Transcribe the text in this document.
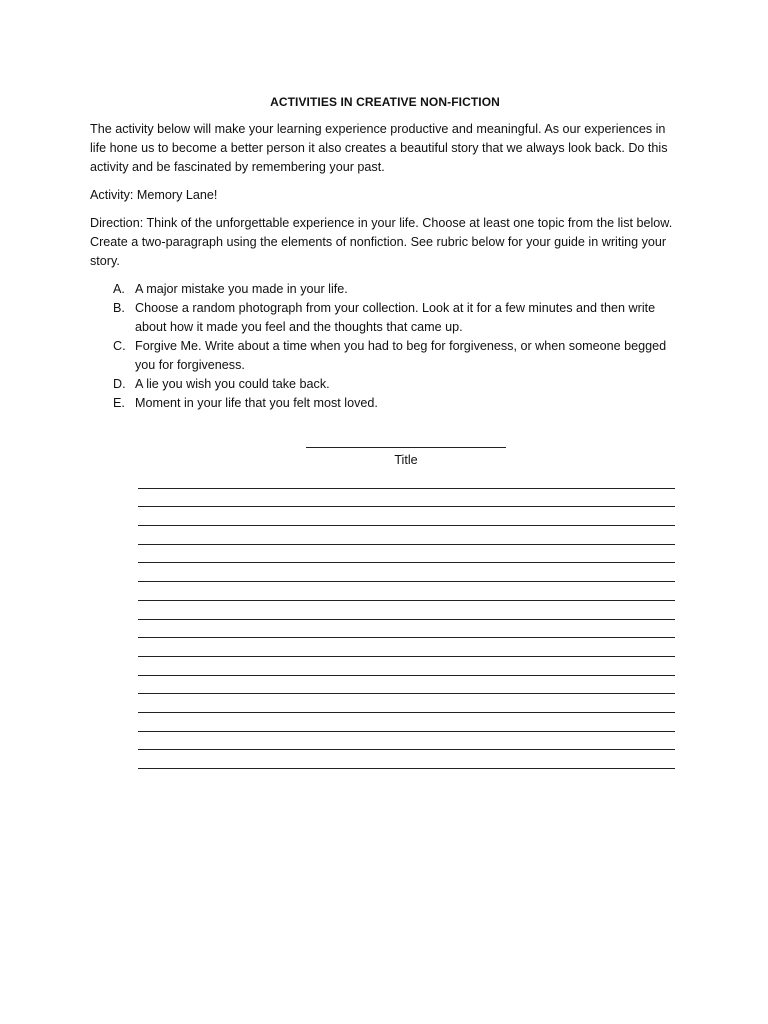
ACTIVITIES IN CREATIVE NON-FICTION

The activity below will make your learning experience productive and meaningful. As our experiences in life hone us to become a better person it also creates a beautiful story that we always look back. Do this activity and be fascinated by remembering your past.

Activity: Memory Lane!

Direction: Think of the unforgettable experience in your life. Choose at least one topic from the list below. Create a two-paragraph using the elements of nonfiction. See rubric below for your guide in writing your story.

A. A major mistake you made in your life.
B. Choose a random photograph from your collection. Look at it for a few minutes and then write about how it made you feel and the thoughts that came up.
C. Forgive Me. Write about a time when you had to beg for forgiveness, or when someone begged you for forgiveness.
D. A lie you wish you could take back.
E. Moment in your life that you felt most loved.
Title
